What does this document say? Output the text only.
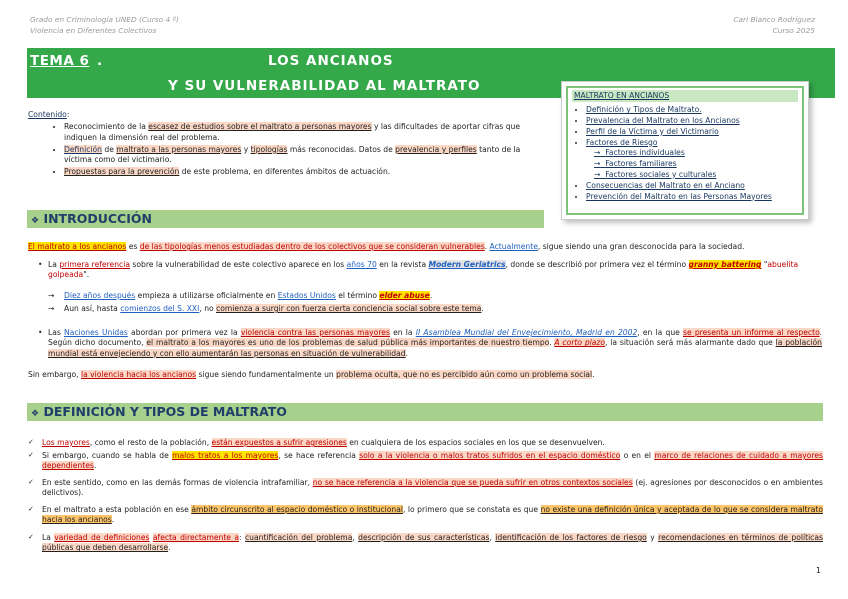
Grado en Criminología UNED (Curso 4 º)
Violencia en Diferentes Colectivos
Cari Blanco Rodríguez
Curso 2025
TEMA 6 .	LOS ANCIANOS
Y SU VULNERABILIDAD AL MALTRATO
MALTRATO EN ANCIANOS
• Definición y Tipos de Maltrato.
• Prevalencia del Maltrato en los Ancianos
• Perfil de la Víctima y del Victimario
• Factores de Riesgo
→ Factores individuales
→ Factores familiares
→ Factores sociales y culturales
• Consecuencias del Maltrato en el Anciano
• Prevención del Maltrato en las Personas Mayores
Contenido:
• Reconocimiento de la escasez de estudios sobre el maltrato a personas mayores y las dificultades de aportar cifras que indiquen la dimensión real del problema.
• Definición de maltrato a las personas mayores y tipologías más reconocidas. Datos de prevalencia y perfiles tanto de la víctima como del victimario.
• Propuestas para la prevención de este problema, en diferentes ámbitos de actuación.
❖ INTRODUCCIÓN
El maltrato a los ancianos es de las tipologías menos estudiadas dentro de los colectivos que se consideran vulnerables. Actualmente, sigue siendo una gran desconocida para la sociedad.
• La primera referencia sobre la vulnerabilidad de este colectivo aparece en los años 70 en la revista Modern Geriatrics, donde se describió por primera vez el término granny battering "abuelita golpeada".
→ Diez años después empieza a utilizarse oficialmente en Estados Unidos el término elder abuse.
→ Aun así, hasta comienzos del S. XXI, no comienza a surgir con fuerza cierta conciencia social sobre este tema.
• Las Naciones Unidas abordan por primera vez la violencia contra las personas mayores en la II Asamblea Mundial del Envejecimiento, Madrid en 2002, en la que se presenta un informe al respecto. Según dicho documento, el maltrato a los mayores es uno de los problemas de salud pública más importantes de nuestro tiempo. A corto plazo, la situación será más alarmante dado que la población mundial está envejeciendo y con ello aumentarán las personas en situación de vulnerabilidad.
Sin embargo, la violencia hacia los ancianos sigue siendo fundamentalmente un problema oculta, que no es percibido aún como un problema social.
❖ DEFINICIÓN Y TIPOS DE MALTRATO
✓ Los mayores, como el resto de la población, están expuestos a sufrir agresiones en cualquiera de los espacios sociales en los que se desenvuelven.
✓ Si embargo, cuando se habla de malos tratos a los mayores, se hace referencia solo a la violencia o malos tratos sufridos en el espacio doméstico o en el marco de relaciones de cuidado a mayores dependientes.
✓ En este sentido, como en las demás formas de violencia intrafamiliar, no se hace referencia a la violencia que se pueda sufrir en otros contextos sociales (ej. agresiones por desconocidos o en ambientes delictivos).
✓ En el maltrato a esta población en ese ámbito circunscrito al espacio doméstico o institucional, lo primero que se constata es que no existe una definición única y aceptada de lo que se considera maltrato hacia los ancianos.
✓ La variedad de definiciones afecta directamente a: cuantificación del problema, descripción de sus características, identificación de los factores de riesgo y recomendaciones en términos de políticas públicas que deben desarrollarse.
1
